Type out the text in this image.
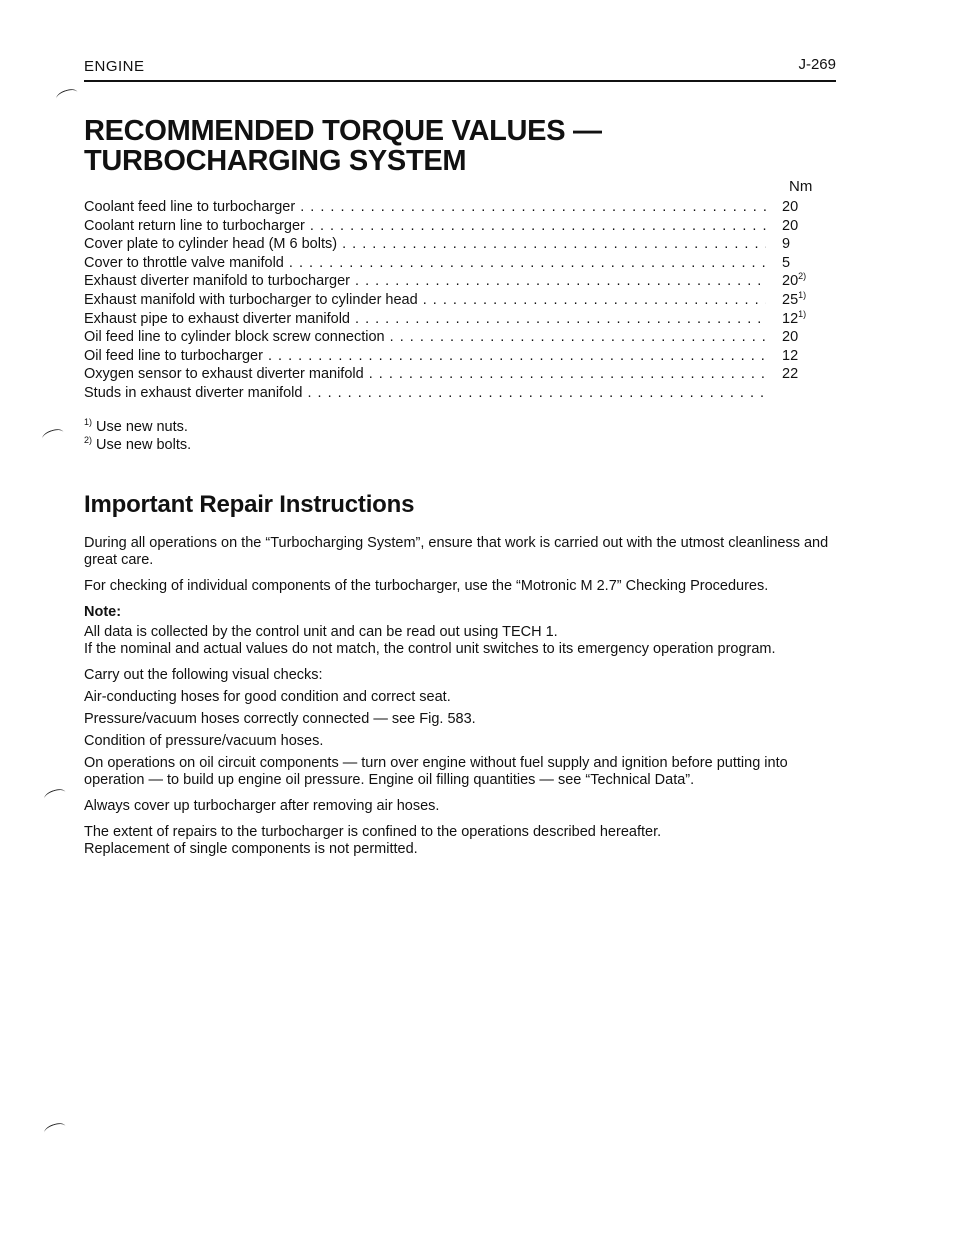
ENGINE	J-269
RECOMMENDED TORQUE VALUES — TURBOCHARGING SYSTEM
Nm
Coolant feed line to turbocharger . . .	20
Coolant return line to turbocharger . . .	20
Cover plate to cylinder head (M 6 bolts) . . .	9
Cover to throttle valve manifold . . .	5
Exhaust diverter manifold to turbocharger . . .	20$^{2)}$
Exhaust manifold with turbocharger to cylinder head . . .	25$^{1)}$
Exhaust pipe to exhaust diverter manifold . . .	12$^{1)}$
Oil feed line to cylinder block screw connection . . .	20
Oil feed line to turbocharger . . .	12
Oxygen sensor to exhaust diverter manifold . . .	22
Studs in exhaust diverter manifold . . .
$^{1)}$ Use new nuts.
$^{2)}$ Use new bolts.
Important Repair Instructions

During all operations on the “Turbocharging System”, ensure that work is carried out with the utmost cleanliness and great care.

For checking of individual components of the turbocharger, use the “Motronic M 2.7” Checking Procedures.

Note:
All data is collected by the control unit and can be read out using TECH 1.

If the nominal and actual values do not match, the control unit switches to its emergency operation program.

Carry out the following visual checks:

Air-conducting hoses for good condition and correct seat.

Pressure/vacuum hoses correctly connected — see Fig. 583.

Condition of pressure/vacuum hoses.

On operations on oil circuit components — turn over engine without fuel supply and ignition before putting into operation — to build up engine oil pressure. Engine oil filling quantities — see “Technical Data”.

Always cover up turbocharger after removing air hoses.

The extent of repairs to the turbocharger is confined to the operations described hereafter.
Replacement of single components is not permitted.
